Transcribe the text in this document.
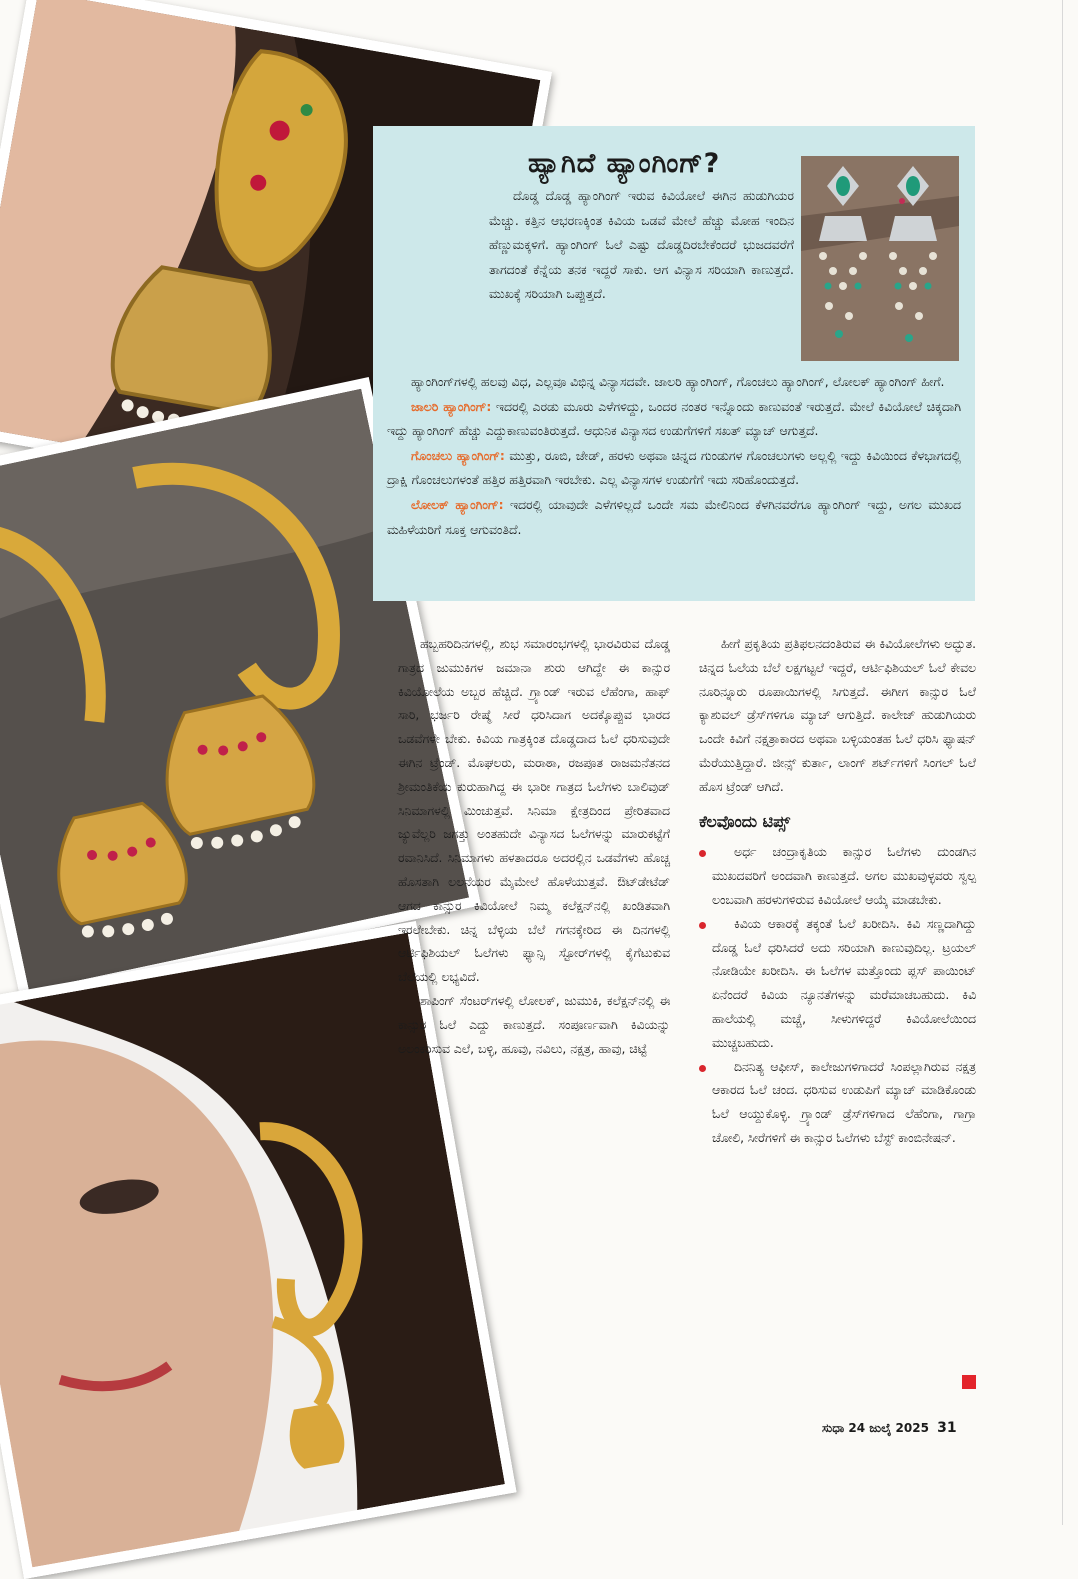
ಹ್ಯಾಗಿದೆ ಹ್ಯಾಂಗಿಂಗ್?

ದೊಡ್ಡ ದೊಡ್ಡ ಹ್ಯಾಂಗಿಂಗ್ ಇರುವ ಕಿವಿಯೋಲೆ ಈಗಿನ ಹುಡುಗಿಯರ ಮೆಚ್ಚು. ಕತ್ತಿನ ಆಭರಣಕ್ಕಿಂತ ಕಿವಿಯ ಒಡವೆ ಮೇಲೆ ಹೆಚ್ಚು ಮೋಹ ಇಂದಿನ ಹೆಣ್ಣುಮಕ್ಕಳಿಗೆ. ಹ್ಯಾಂಗಿಂಗ್ ಓಲೆ ಎಷ್ಟು ದೊಡ್ಡದಿರಬೇಕೆಂದರೆ ಭುಜದವರೆಗೆ ತಾಗದಂತೆ ಕೆನ್ನೆಯ ತನಕ ಇದ್ದರೆ ಸಾಕು. ಆಗ ವಿನ್ಯಾಸ ಸರಿಯಾಗಿ ಕಾಣುತ್ತದೆ. ಮುಖಕ್ಕೆ ಸರಿಯಾಗಿ ಒಪ್ಪುತ್ತದೆ.

ಹ್ಯಾಂಗಿಂಗ್‌ಗಳಲ್ಲಿ ಹಲವು ವಿಧ, ಎಲ್ಲವೂ ವಿಭಿನ್ನ ವಿನ್ಯಾಸದವೇ. ಜಾಲರಿ ಹ್ಯಾಂಗಿಂಗ್, ಗೊಂಚಲು ಹ್ಯಾಂಗಿಂಗ್, ಲೋಲಕ್ ಹ್ಯಾಂಗಿಂಗ್ ಹೀಗೆ.

ಜಾಲರಿ ಹ್ಯಾಂಗಿಂಗ್: ಇದರಲ್ಲಿ ಎರಡು ಮೂರು ಎಳೆಗಳಿದ್ದು, ಒಂದರ ನಂತರ ಇನ್ನೊಂದು ಕಾಣುವಂತೆ ಇರುತ್ತದೆ. ಮೇಲೆ ಕಿವಿಯೋಲೆ ಚಿಕ್ಕದಾಗಿ ಇದ್ದು ಹ್ಯಾಂಗಿಂಗ್ ಹೆಚ್ಚು ಎದ್ದುಕಾಣುವಂತಿರುತ್ತದೆ. ಆಧುನಿಕ ವಿನ್ಯಾಸದ ಉಡುಗೆಗಳಿಗೆ ಸಖತ್ ಮ್ಯಾಚ್ ಆಗುತ್ತದೆ.

ಗೊಂಚಲು ಹ್ಯಾಂಗಿಂಗ್: ಮುತ್ತು, ರೂಬಿ, ಜೇಡ್, ಹರಳು ಅಥವಾ ಚಿನ್ನದ ಗುಂಡುಗಳ ಗೊಂಚಲುಗಳು ಅಲ್ಲಲ್ಲಿ ಇದ್ದು ಕಿವಿಯಿಂದ ಕೆಳಭಾಗದಲ್ಲಿ ದ್ರಾಕ್ಷಿ ಗೊಂಚಲುಗಳಂತೆ ಹತ್ತಿರ ಹತ್ತಿರವಾಗಿ ಇರಬೇಕು. ಎಲ್ಲ ವಿನ್ಯಾಸಗಳ ಉಡುಗೆಗೆ ಇದು ಸರಿಹೊಂದುತ್ತದೆ.

ಲೋಲಕ್ ಹ್ಯಾಂಗಿಂಗ್: ಇದರಲ್ಲಿ ಯಾವುದೇ ಎಳೆಗಳಿಲ್ಲದೆ ಒಂದೇ ಸಮ ಮೇಲಿನಿಂದ ಕೆಳಗಿನವರೆಗೂ ಹ್ಯಾಂಗಿಂಗ್ ಇದ್ದು, ಅಗಲ ಮುಖದ ಮಹಿಳೆಯರಿಗೆ ಸೂಕ್ತ ಆಗುವಂತಿದೆ.

ಹಬ್ಬಹರಿದಿನಗಳಲ್ಲಿ, ಶುಭ ಸಮಾರಂಭಗಳಲ್ಲಿ ಭಾರವಿರುವ ದೊಡ್ಡ ಗಾತ್ರದ ಜುಮುಕಿಗಳ ಜಮಾನಾ ಶುರು ಆಗಿದ್ದೇ ಈ ಕಾನ್ಸುರ ಕಿವಿಯೋಲೆಯ ಅಬ್ಬರ ಹೆಚ್ಚಿದೆ. ಗ್ರ್ಯಾಂಡ್ ಇರುವ ಲೆಹೆಂಗಾ, ಹಾಫ್ ಸಾರಿ, ಭರ್ಜರಿ ರೇಷ್ಮೆ ಸೀರೆ ಧರಿಸಿದಾಗ ಅದಕ್ಕೊಪ್ಪುವ ಭಾರದ ಒಡವೆಗಳೇ ಬೇಕು. ಕಿವಿಯ ಗಾತ್ರಕ್ಕಿಂತ ದೊಡ್ಡದಾದ ಓಲೆ ಧರಿಸುವುದೇ ಈಗಿನ ಟ್ರೆಂಡ್. ಮೊಘಲರು, ಮರಾಠಾ, ರಜಪೂತ ರಾಜಮನೆತನದ ಶ್ರೀಮಂತಿಕೆಯ ಕುರುಹಾಗಿದ್ದ ಈ ಭಾರೀ ಗಾತ್ರದ ಓಲೆಗಳು ಬಾಲಿವುಡ್ ಸಿನಿಮಾಗಳಲ್ಲಿ ಮಿಂಚುತ್ತವೆ. ಸಿನಿಮಾ ಕ್ಷೇತ್ರದಿಂದ ಪ್ರೇರಿತವಾದ ಜ್ಯುವೆಲ್ಲರಿ ಜಗತ್ತು ಅಂತಹುದೇ ವಿನ್ಯಾಸದ ಓಲೆಗಳನ್ನು ಮಾರುಕಟ್ಟೆಗೆ ರವಾನಿಸಿದೆ. ಸಿನಿಮಾಗಳು ಹಳತಾದರೂ ಅದರಲ್ಲಿನ ಒಡವೆಗಳು ಹೊಚ್ಚ ಹೊಸತಾಗಿ ಲಲನೆಯರ ಮೈಮೇಲೆ ಹೊಳೆಯುತ್ತವೆ. ಔಟ್‌ಡೇಟೆಡ್ ಆಗದ ಕಾನ್ಸುರ ಕಿವಿಯೋಲೆ ನಿಮ್ಮ ಕಲೆಕ್ಷನ್‌ನಲ್ಲಿ ಖಂಡಿತವಾಗಿ ಇರಲೇಬೇಕು. ಚಿನ್ನ ಬೆಳ್ಳಿಯ ಬೆಲೆ ಗಗನಕ್ಕೇರಿದ ಈ ದಿನಗಳಲ್ಲಿ ಆರ್ಟಿಫಿಶಿಯಲ್ ಓಲೆಗಳು ಫ್ಯಾನ್ಸಿ ಸ್ಟೋರ್‌ಗಳಲ್ಲಿ ಕೈಗೆಟುಕುವ ಬೆಲೆಯಲ್ಲಿ ಲಭ್ಯವಿದೆ.

ಶಾಪಿಂಗ್ ಸೆಂಟರ್‌ಗಳಲ್ಲಿ ಲೋಲಕ್, ಜುಮುಕಿ, ಕಲೆಕ್ಷನ್‌ನಲ್ಲಿ ಈ ಕಾನ್ಸುರ ಓಲೆ ಎದ್ದು ಕಾಣುತ್ತದೆ. ಸಂಪೂರ್ಣವಾಗಿ ಕಿವಿಯನ್ನು ಅಲಂಕರಿಸುವ ಎಲೆ, ಬಳ್ಳಿ, ಹೂವು, ನವಿಲು, ನಕ್ಷತ್ರ, ಹಾವು, ಚಿಟ್ಟೆ

ಹೀಗೆ ಪ್ರಕೃತಿಯ ಪ್ರತಿಫಲನದಂತಿರುವ ಈ ಕಿವಿಯೋಲೆಗಳು ಅದ್ಭುತ. ಚಿನ್ನದ ಓಲೆಯ ಬೆಲೆ ಲಕ್ಷಗಟ್ಟಲೆ ಇದ್ದರೆ, ಆರ್ಟಿಫಿಶಿಯಲ್ ಓಲೆ ಕೇವಲ ನೂರಿನ್ನೂರು ರೂಪಾಯಿಗಳಲ್ಲಿ ಸಿಗುತ್ತದೆ. ಈಗೀಗ ಕಾನ್ಸುರ ಓಲೆ ಕ್ಯಾಶುವಲ್ ಡ್ರೆಸ್‌ಗಳಿಗೂ ಮ್ಯಾಚ್ ಆಗುತ್ತಿದೆ. ಕಾಲೇಜ್ ಹುಡುಗಿಯರು ಒಂದೇ ಕಿವಿಗೆ ನಕ್ಷತ್ರಾಕಾರದ ಅಥವಾ ಬಳ್ಳಿಯಂತಹ ಓಲೆ ಧರಿಸಿ ಫ್ಯಾಷನ್ ಮೆರೆಯುತ್ತಿದ್ದಾರೆ. ಜೀನ್ಸ್ ಕುರ್ತಾ, ಲಾಂಗ್ ಶರ್ಟ್‌ಗಳಿಗೆ ಸಿಂಗಲ್ ಓಲೆ ಹೊಸ ಟ್ರೆಂಡ್ ಆಗಿದೆ.

ಕೆಲವೊಂದು ಟಿಪ್ಸ್

ಅರ್ಧ ಚಂದ್ರಾಕೃತಿಯ ಕಾನ್ಸುರ ಓಲೆಗಳು ದುಂಡಗಿನ ಮುಖದವರಿಗೆ ಅಂದವಾಗಿ ಕಾಣುತ್ತದೆ. ಅಗಲ ಮುಖವುಳ್ಳವರು ಸ್ವಲ್ಪ ಲಂಬವಾಗಿ ಹರಳುಗಳಿರುವ ಕಿವಿಯೋಲೆ ಆಯ್ಕೆ ಮಾಡಬೇಕು.

ಕಿವಿಯ ಆಕಾರಕ್ಕೆ ತಕ್ಕಂತೆ ಓಲೆ ಖರೀದಿಸಿ. ಕಿವಿ ಸಣ್ಣದಾಗಿದ್ದು ದೊಡ್ಡ ಓಲೆ ಧರಿಸಿದರೆ ಅದು ಸರಿಯಾಗಿ ಕಾಣುವುದಿಲ್ಲ. ಟ್ರಯಲ್ ನೋಡಿಯೇ ಖರೀದಿಸಿ. ಈ ಓಲೆಗಳ ಮತ್ತೊಂದು ಪ್ಲಸ್ ಪಾಯಿಂಟ್ ಏನೆಂದರೆ ಕಿವಿಯ ನ್ಯೂನತೆಗಳನ್ನು ಮರೆಮಾಚಬಹುದು. ಕಿವಿ ಹಾಲೆಯಲ್ಲಿ ಮಚ್ಚೆ, ಸೀಳುಗಳಿದ್ದರೆ ಕಿವಿಯೋಲೆಯಿಂದ ಮುಚ್ಚಬಹುದು.

ದಿನನಿತ್ಯ ಆಫೀಸ್, ಕಾಲೇಜುಗಳಿಗಾದರೆ ಸಿಂಪಲ್ಲಾಗಿರುವ ನಕ್ಷತ್ರ ಆಕಾರದ ಓಲೆ ಚಂದ. ಧರಿಸುವ ಉಡುಪಿಗೆ ಮ್ಯಾಚ್ ಮಾಡಿಕೊಂಡು ಓಲೆ ಆಯ್ದುಕೊಳ್ಳಿ. ಗ್ರ್ಯಾಂಡ್ ಡ್ರೆಸ್‌ಗಳಿಗಾದ ಲೆಹೆಂಗಾ, ಗಾಗ್ರಾ ಚೋಲಿ, ಸೀರೆಗಳಿಗೆ ಈ ಕಾನ್ಸುರ ಓಲೆಗಳು ಬೆಸ್ಟ್ ಕಾಂಬಿನೇಷನ್.

ಸುಧಾ 24 ಜುಲೈ 2025 31
